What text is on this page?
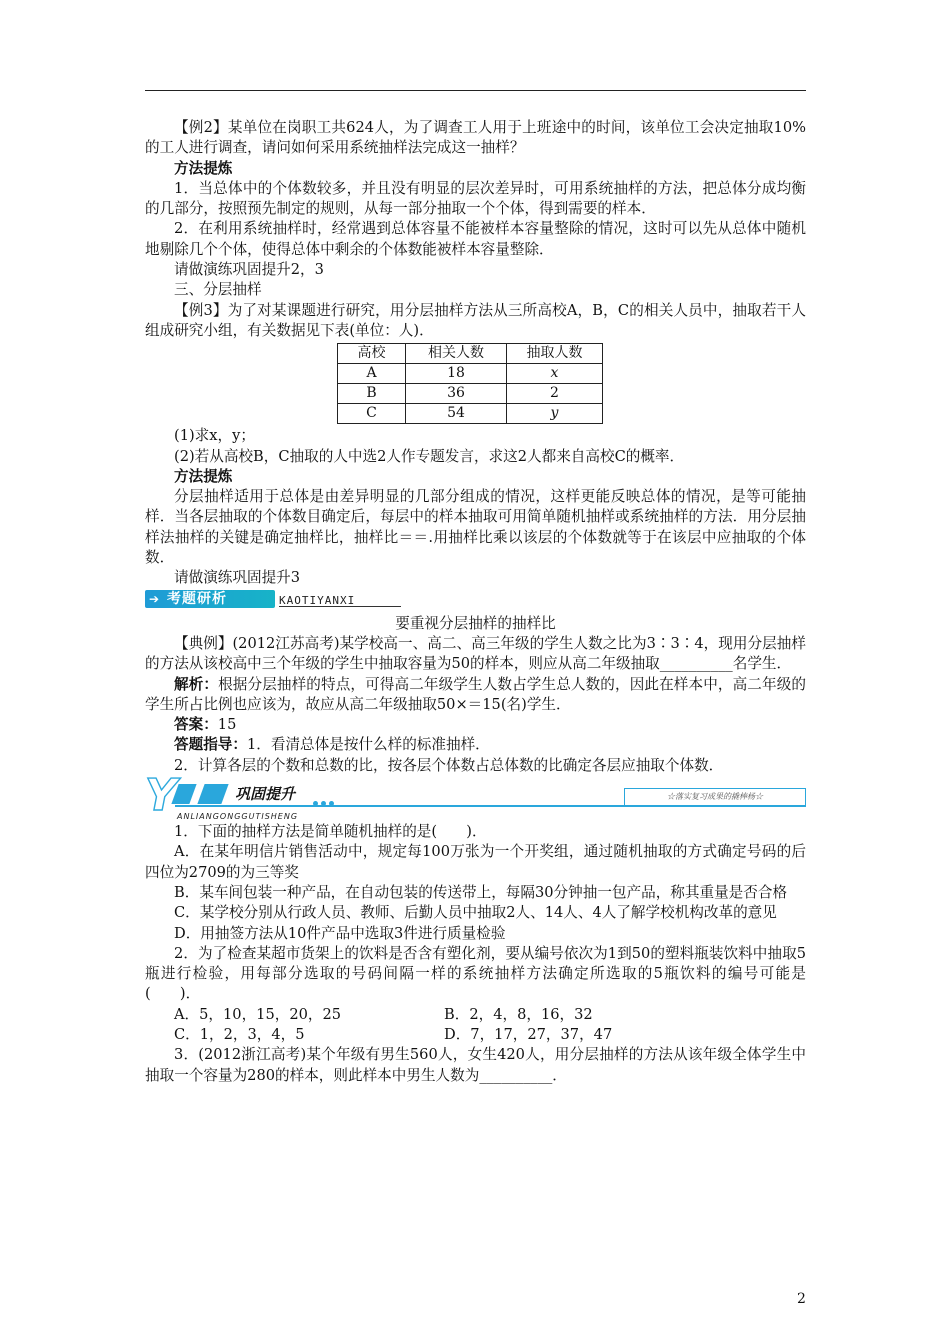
【例2】某单位在岗职工共624人，为了调查工人用于上班途中的时间，该单位工会决定抽取10%的工人进行调查，请问如何采用系统抽样法完成这一抽样？

方法提炼

1．当总体中的个体数较多，并且没有明显的层次差异时，可用系统抽样的方法，把总体分成均衡的几部分，按照预先制定的规则，从每一部分抽取一个个体，得到需要的样本．

2．在利用系统抽样时，经常遇到总体容量不能被样本容量整除的情况，这时可以先从总体中随机地剔除几个个体，使得总体中剩余的个体数能被样本容量整除．

请做演练巩固提升2，3

三、分层抽样

【例3】为了对某课题进行研究，用分层抽样方法从三所高校A，B，C的相关人员中，抽取若干人组成研究小组，有关数据见下表(单位：人)．

高校	相关人数	抽取人数
A	18	x
B	36	2
C	54	y

(1)求x，y；

(2)若从高校B，C抽取的人中选2人作专题发言，求这2人都来自高校C的概率．

方法提炼

分层抽样适用于总体是由差异明显的几部分组成的情况，这样更能反映总体的情况，是等可能抽样．当各层抽取的个体数目确定后，每层中的样本抽取可用简单随机抽样或系统抽样的方法．用分层抽样法抽样的关键是确定抽样比，抽样比＝＝.用抽样比乘以该层的个体数就等于在该层中应抽取的个体数．

请做演练巩固提升3

➔ 考题研析	KAOTIYANXI

要重视分层抽样的抽样比

【典例】(2012江苏高考)某学校高一、高二、高三年级的学生人数之比为3∶3∶4，现用分层抽样的方法从该校高中三个年级的学生中抽取容量为50的样本，则应从高二年级抽取__________名学生．

解析：根据分层抽样的特点，可得高二年级学生人数占学生总人数的，因此在样本中，高二年级的学生所占比例也应该为，故应从高二年级抽取50×＝15(名)学生．

答案：15

答题指导：1．看清总体是按什么样的标准抽样．

2．计算各层的个数和总数的比，按各层个体数占总体数的比确定各层应抽取个体数．

Y	巩固提升
ANLIANGONGGUTISHENG
☆落实复习成果的撬棒杨☆

1．下面的抽样方法是简单随机抽样的是(　　)．

A．在某年明信片销售活动中，规定每100万张为一个开奖组，通过随机抽取的方式确定号码的后四位为2709的为三等奖

B．某车间包装一种产品，在自动包装的传送带上，每隔30分钟抽一包产品，称其重量是否合格

C．某学校分别从行政人员、教师、后勤人员中抽取2人、14人、4人了解学校机构改革的意见

D．用抽签方法从10件产品中选取3件进行质量检验

2．为了检查某超市货架上的饮料是否含有塑化剂，要从编号依次为1到50的塑料瓶装饮料中抽取5瓶进行检验，用每部分选取的号码间隔一样的系统抽样方法确定所选取的5瓶饮料的编号可能是(　　)．

A．5，10，15，20，25	B．2，4，8，16，32

C．1，2，3，4，5	D．7，17，27，37，47

3．(2012浙江高考)某个年级有男生560人，女生420人，用分层抽样的方法从该年级全体学生中抽取一个容量为280的样本，则此样本中男生人数为__________．

2
